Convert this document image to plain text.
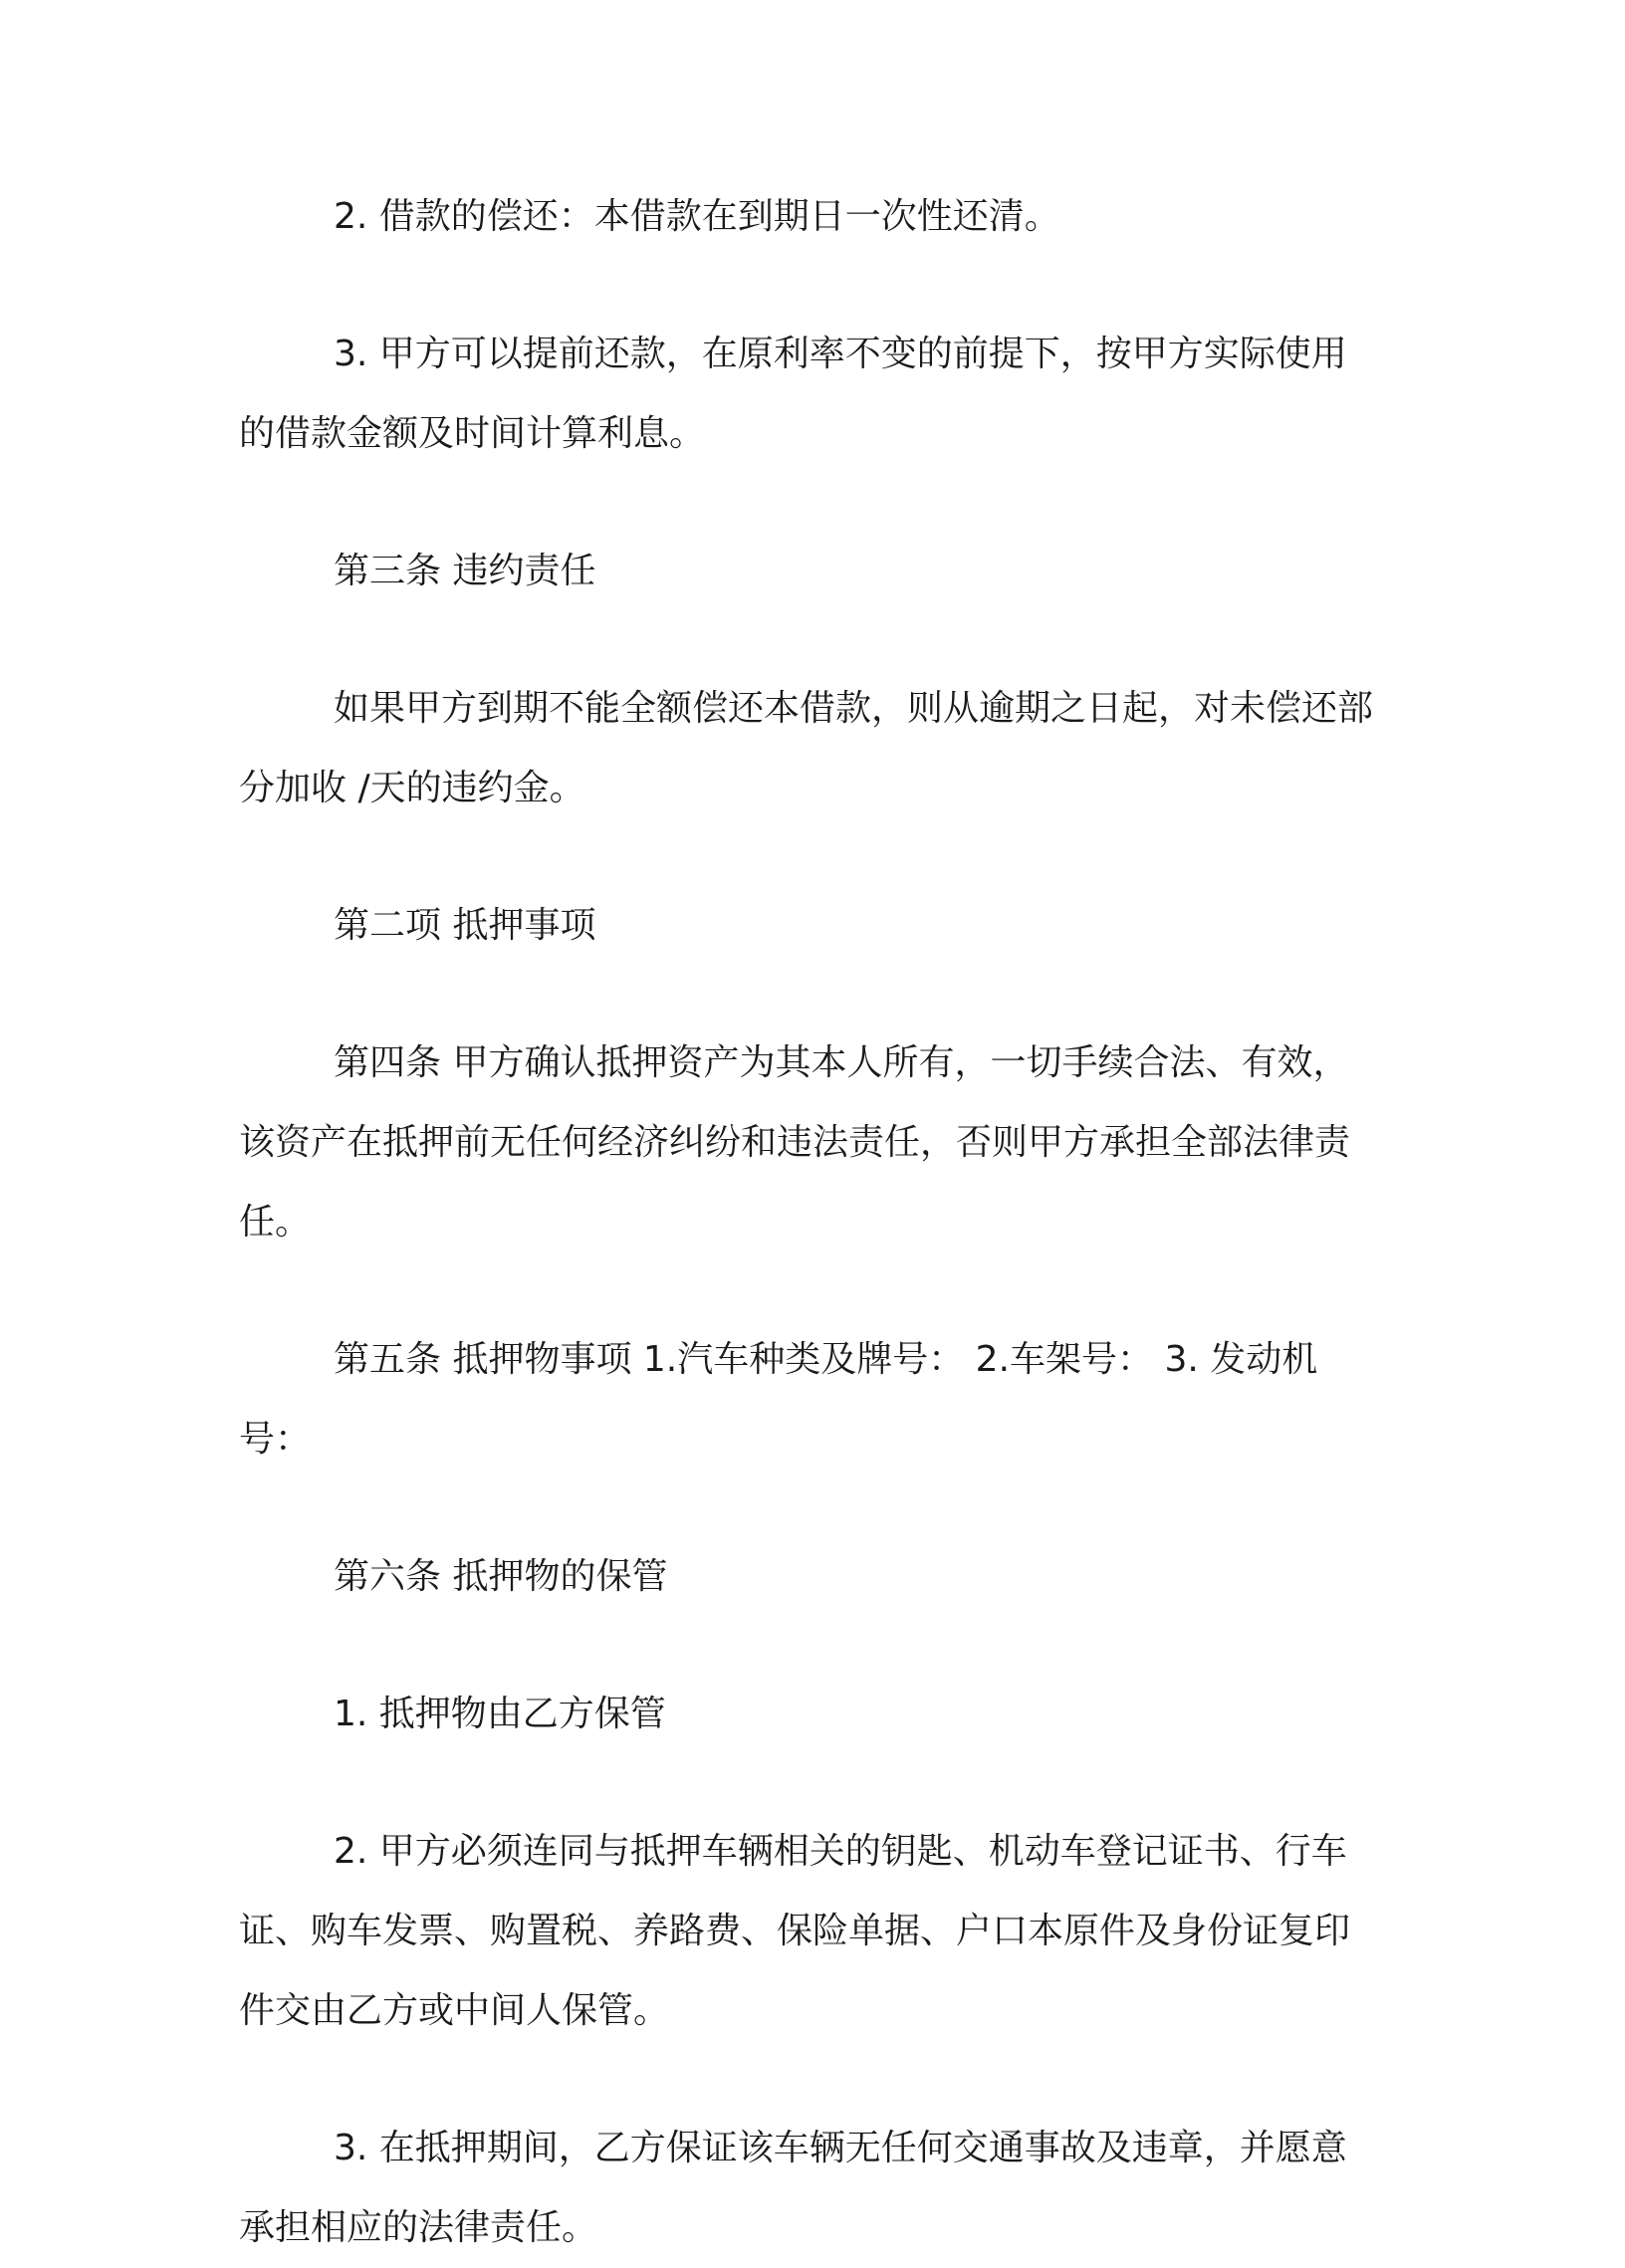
2. 借款的偿还：本借款在到期日一次性还清。

3. 甲方可以提前还款，在原利率不变的前提下，按甲方实际使用的借款金额及时间计算利息。

第三条 违约责任

如果甲方到期不能全额偿还本借款，则从逾期之日起，对未偿还部分加收 /天的违约金。

第二项 抵押事项

第四条 甲方确认抵押资产为其本人所有，一切手续合法、有效，该资产在抵押前无任何经济纠纷和违法责任，否则甲方承担全部法律责任。

第五条 抵押物事项 1.汽车种类及牌号： 2.车架号： 3. 发动机号：

第六条 抵押物的保管

1. 抵押物由乙方保管

2. 甲方必须连同与抵押车辆相关的钥匙、机动车登记证书、行车证、购车发票、购置税、养路费、保险单据、户口本原件及身份证复印件交由乙方或中间人保管。

3. 在抵押期间，乙方保证该车辆无任何交通事故及违章，并愿意承担相应的法律责任。
